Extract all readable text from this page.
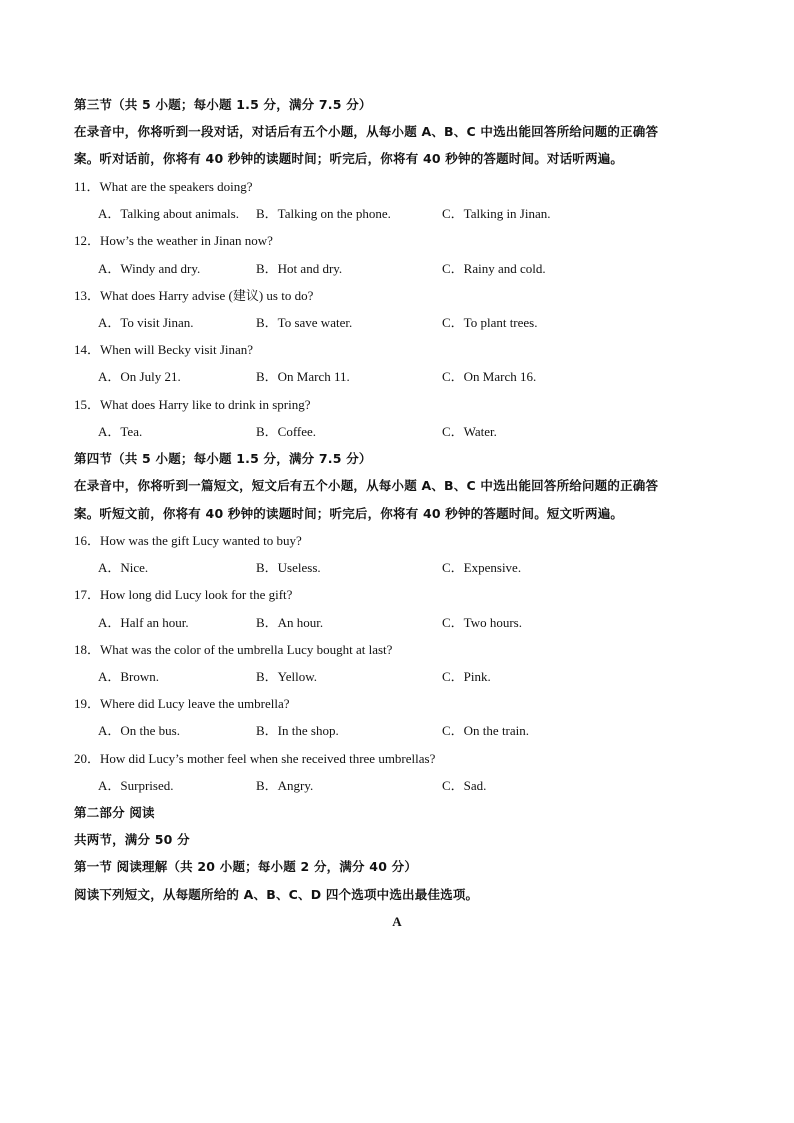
第三节（共 5 小题；每小题 1.5 分，满分 7.5 分）
在录音中，你将听到一段对话，对话后有五个小题，从每小题 A、B、C 中选出能回答所给问题的正确答
案。听对话前，你将有 40 秒钟的读题时间；听完后，你将有 40 秒钟的答题时间。对话听两遍。
11．What are the speakers doing?
A．Talking about animals. B．Talking on the phone.	C．Talking in Jinan.
12．How’s the weather in Jinan now?
A．Windy and dry.	B．Hot and dry.	C．Rainy and cold.
13．What does Harry advise (建议) us to do?
A．To visit Jinan.	B．To save water.	C．To plant trees.
14．When will Becky visit Jinan?
A．On July 21.	B．On March 11.	C．On March 16.
15．What does Harry like to drink in spring?
A．Tea.	B．Coffee.	C．Water.
第四节（共 5 小题；每小题 1.5 分，满分 7.5 分）
在录音中，你将听到一篇短文，短文后有五个小题，从每小题 A、B、C 中选出能回答所给问题的正确答
案。听短文前，你将有 40 秒钟的读题时间；听完后，你将有 40 秒钟的答题时间。短文听两遍。
16．How was the gift Lucy wanted to buy?
A．Nice.	B．Useless.	C．Expensive.
17．How long did Lucy look for the gift?
A．Half an hour.	B．An hour.	C．Two hours.
18．What was the color of the umbrella Lucy bought at last?
A．Brown.	B．Yellow.	C．Pink.
19．Where did Lucy leave the umbrella?
A．On the bus.	B．In the shop.	C．On the train.
20．How did Lucy’s mother feel when she received three umbrellas?
A．Surprised.	B．Angry.	C．Sad.
第二部分 阅读
共两节，满分 50 分
第一节 阅读理解（共 20 小题；每小题 2 分，满分 40 分）
阅读下列短文，从每题所给的 A、B、C、D 四个选项中选出最佳选项。
A
